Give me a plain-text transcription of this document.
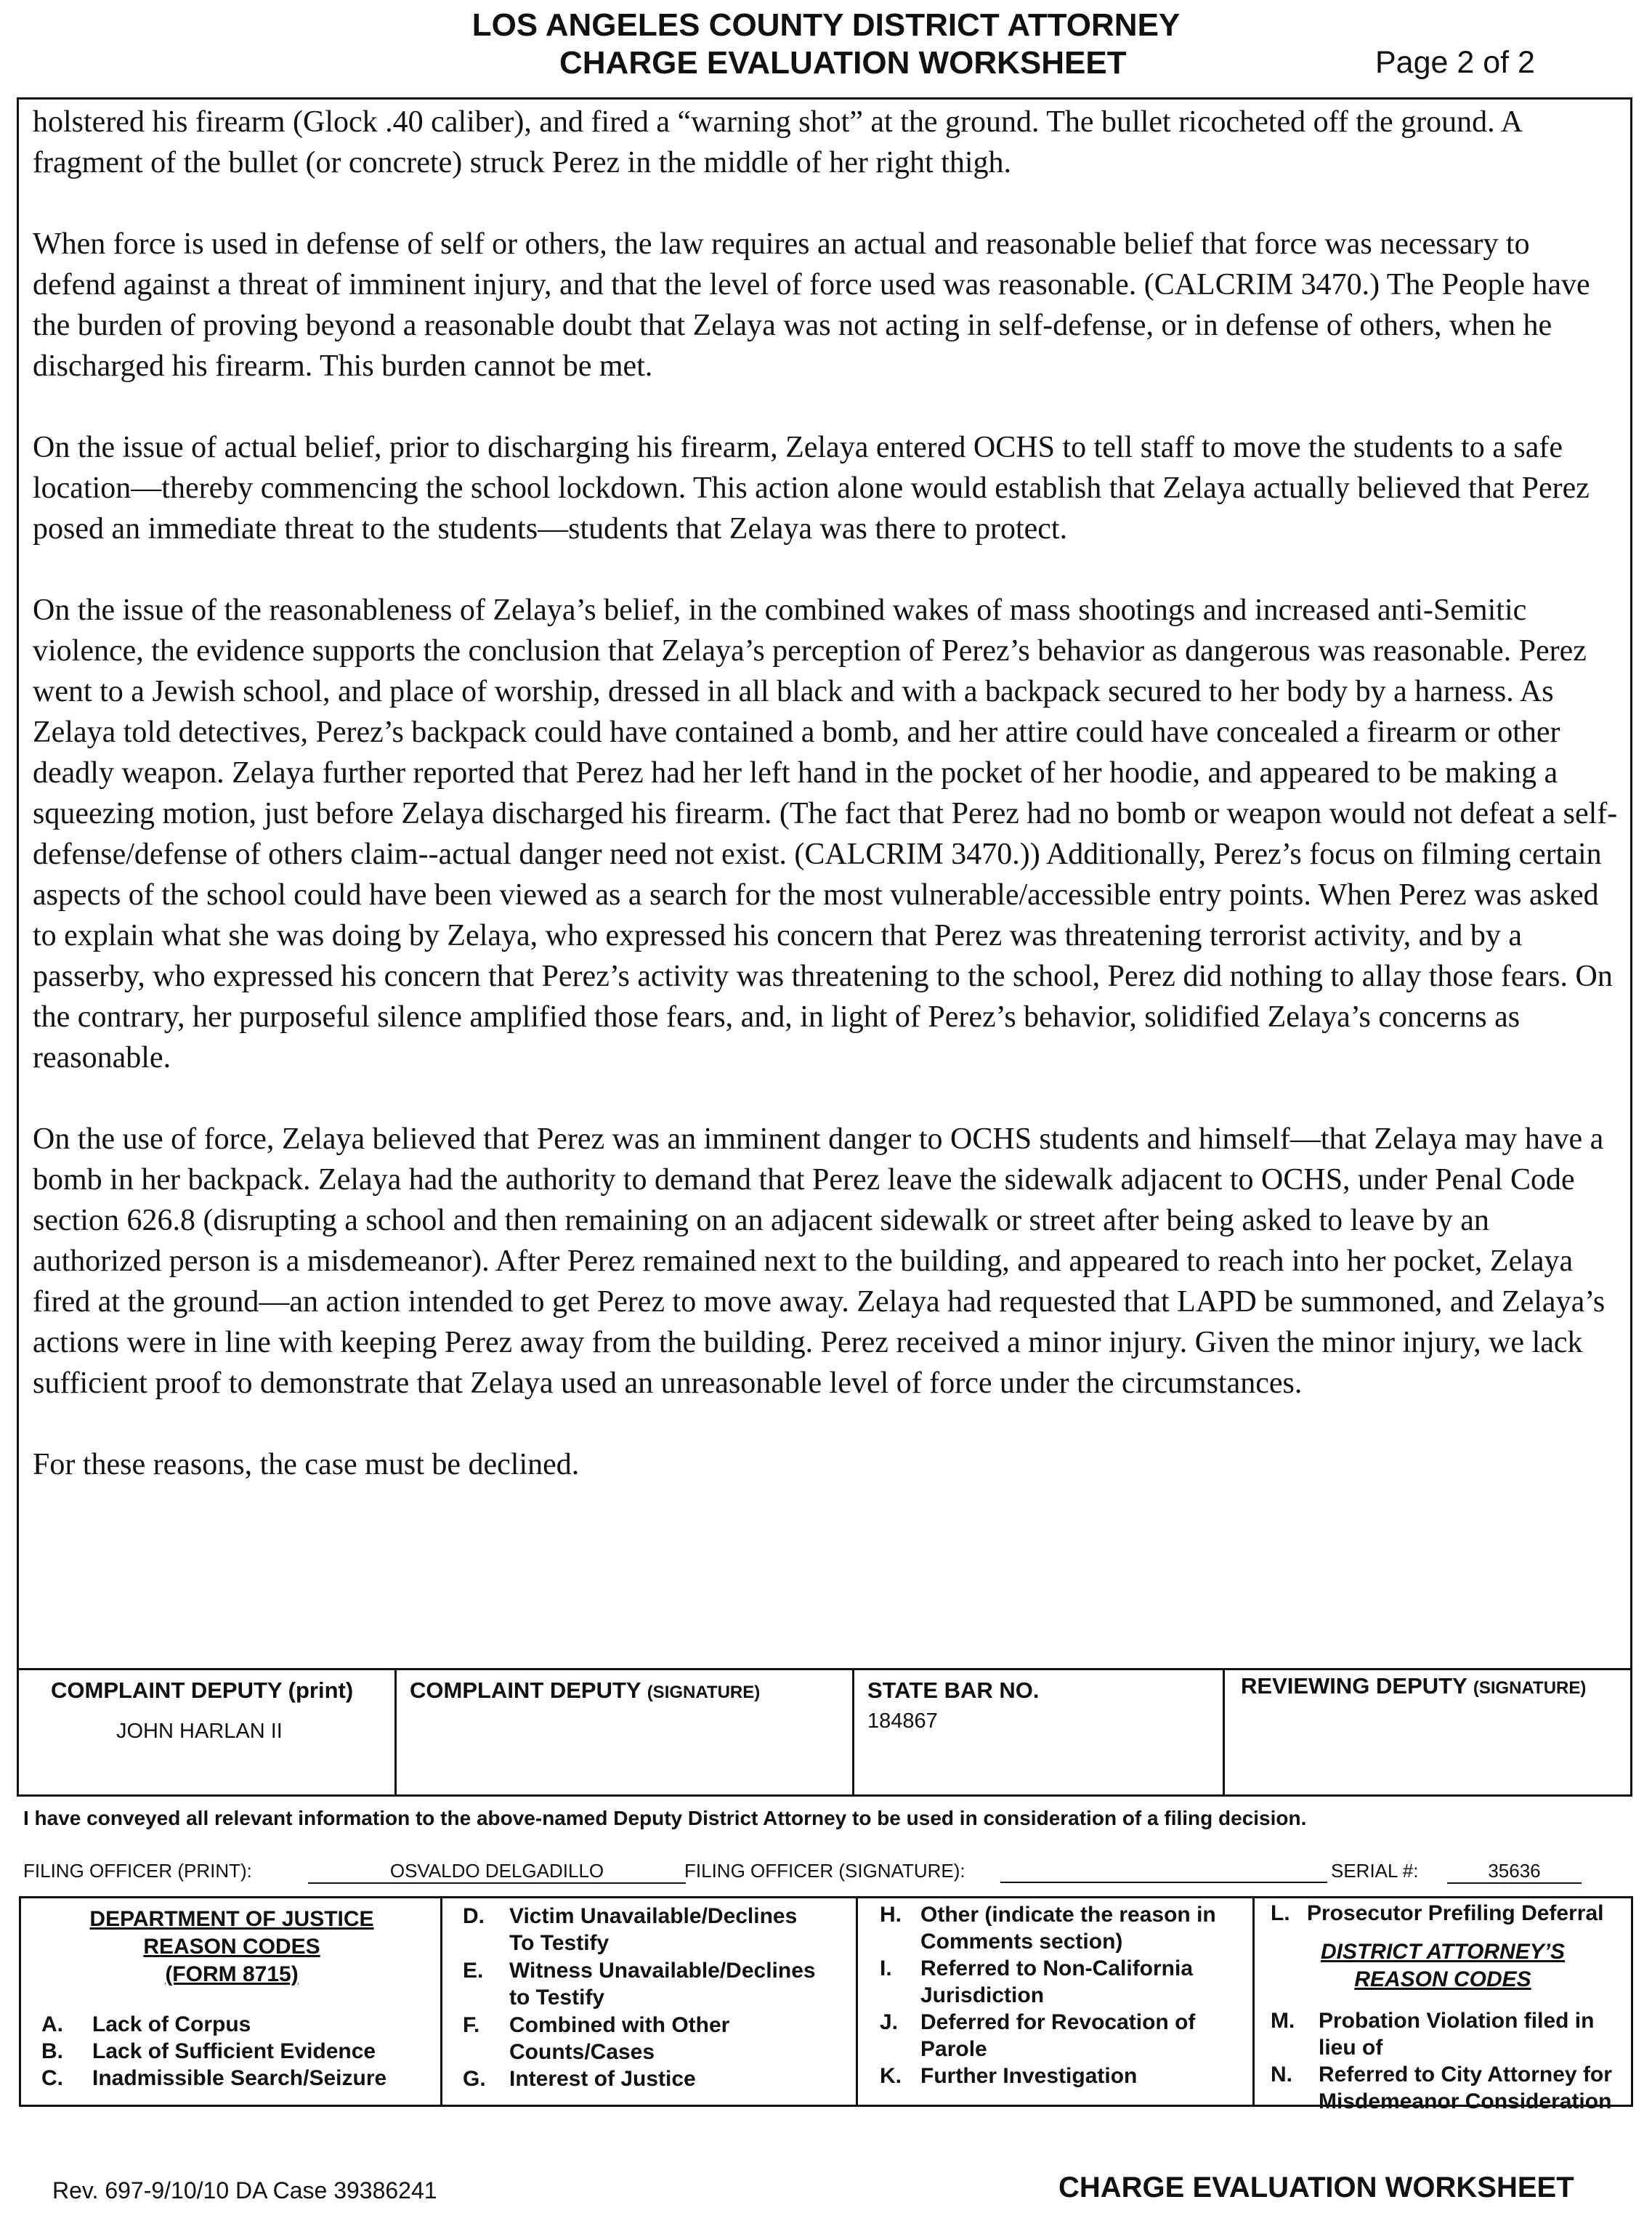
LOS ANGELES COUNTY DISTRICT ATTORNEY
CHARGE EVALUATION WORKSHEET	Page 2 of 2

holstered his firearm (Glock .40 caliber), and fired a “warning shot” at the ground. The bullet ricocheted off the ground. A fragment of the bullet (or concrete) struck Perez in the middle of her right thigh.

When force is used in defense of self or others, the law requires an actual and reasonable belief that force was necessary to defend against a threat of imminent injury, and that the level of force used was reasonable. (CALCRIM 3470.) The People have the burden of proving beyond a reasonable doubt that Zelaya was not acting in self-defense, or in defense of others, when he discharged his firearm. This burden cannot be met.

On the issue of actual belief, prior to discharging his firearm, Zelaya entered OCHS to tell staff to move the students to a safe location—thereby commencing the school lockdown. This action alone would establish that Zelaya actually believed that Perez posed an immediate threat to the students—students that Zelaya was there to protect.

On the issue of the reasonableness of Zelaya’s belief, in the combined wakes of mass shootings and increased anti-Semitic violence, the evidence supports the conclusion that Zelaya’s perception of Perez’s behavior as dangerous was reasonable. Perez went to a Jewish school, and place of worship, dressed in all black and with a backpack secured to her body by a harness. As Zelaya told detectives, Perez’s backpack could have contained a bomb, and her attire could have concealed a firearm or other deadly weapon. Zelaya further reported that Perez had her left hand in the pocket of her hoodie, and appeared to be making a squeezing motion, just before Zelaya discharged his firearm. (The fact that Perez had no bomb or weapon would not defeat a self-defense/defense of others claim--actual danger need not exist. (CALCRIM 3470.)) Additionally, Perez’s focus on filming certain aspects of the school could have been viewed as a search for the most vulnerable/accessible entry points. When Perez was asked to explain what she was doing by Zelaya, who expressed his concern that Perez was threatening terrorist activity, and by a passerby, who expressed his concern that Perez’s activity was threatening to the school, Perez did nothing to allay those fears. On the contrary, her purposeful silence amplified those fears, and, in light of Perez’s behavior, solidified Zelaya’s concerns as reasonable.

On the use of force, Zelaya believed that Perez was an imminent danger to OCHS students and himself—that Zelaya may have a bomb in her backpack. Zelaya had the authority to demand that Perez leave the sidewalk adjacent to OCHS, under Penal Code section 626.8 (disrupting a school and then remaining on an adjacent sidewalk or street after being asked to leave by an authorized person is a misdemeanor). After Perez remained next to the building, and appeared to reach into her pocket, Zelaya fired at the ground—an action intended to get Perez to move away. Zelaya had requested that LAPD be summoned, and Zelaya’s actions were in line with keeping Perez away from the building. Perez received a minor injury. Given the minor injury, we lack sufficient proof to demonstrate that Zelaya used an unreasonable level of force under the circumstances.

For these reasons, the case must be declined.

COMPLAINT DEPUTY (print)
JOHN HARLAN II
COMPLAINT DEPUTY (SIGNATURE)	STATE BAR NO.
184867
REVIEWING DEPUTY (SIGNATURE)
I have conveyed all relevant information to the above-named Deputy District Attorney to be used in consideration of a filing decision.
FILING OFFICER (PRINT):	OSVALDO DELGADILLO	FILING OFFICER (SIGNATURE):	SERIAL #:	35636
DEPARTMENT OF JUSTICE
REASON CODES
(FORM 8715)
A. Lack of Corpus
B. Lack of Sufficient Evidence
C. Inadmissible Search/Seizure
D. Victim Unavailable/Declines
To Testify
E. Witness Unavailable/Declines
to Testify
F. Combined with Other
Counts/Cases
G. Interest of Justice
H. Other (indicate the reason in
Comments section)
I. Referred to Non-California
Jurisdiction
J. Deferred for Revocation of
Parole
K. Further Investigation
L. Prosecutor Prefiling Deferral
DISTRICT ATTORNEY’S
REASON CODES
M. Probation Violation filed in
lieu of
N. Referred to City Attorney for
Misdemeanor Consideration
Rev. 697-9/10/10 DA Case 39386241	CHARGE EVALUATION WORKSHEET
